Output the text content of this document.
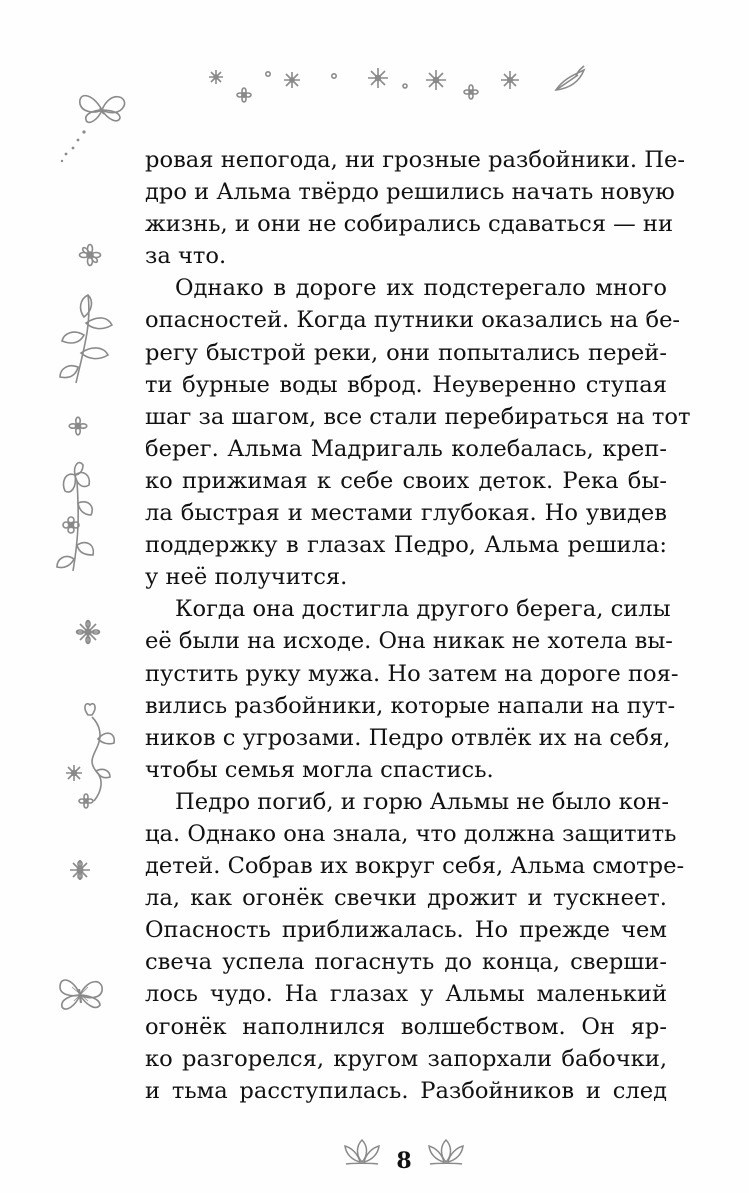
ровая непогода, ни грозные разбойники. Пе-
дро и Альма твёрдо решились начать новую
жизнь, и они не собирались сдаваться — ни
за что.
Однако в дороге их подстерегало много
опасностей. Когда путники оказались на бе-
регу быстрой реки, они попытались перей-
ти бурные воды вброд. Неуверенно ступая
шаг за шагом, все стали перебираться на тот
берег. Альма Мадригаль колебалась, креп-
ко прижимая к себе своих деток. Река бы-
ла быстрая и местами глубокая. Но увидев
поддержку в глазах Педро, Альма решила:
у неё получится.
Когда она достигла другого берега, силы
её были на исходе. Она никак не хотела вы-
пустить руку мужа. Но затем на дороге поя-
вились разбойники, которые напали на пут-
ников с угрозами. Педро отвлёк их на себя,
чтобы семья могла спастись.
Педро погиб, и горю Альмы не было кон-
ца. Однако она знала, что должна защитить
детей. Собрав их вокруг себя, Альма смотре-
ла, как огонёк свечки дрожит и тускнеет.
Опасность приближалась. Но прежде чем
свеча успела погаснуть до конца, сверши-
лось чудо. На глазах у Альмы маленький
огонёк наполнился волшебством. Он яр-
ко разгорелся, кругом запорхали бабочки,
и тьма расступилась. Разбойников и след
8
